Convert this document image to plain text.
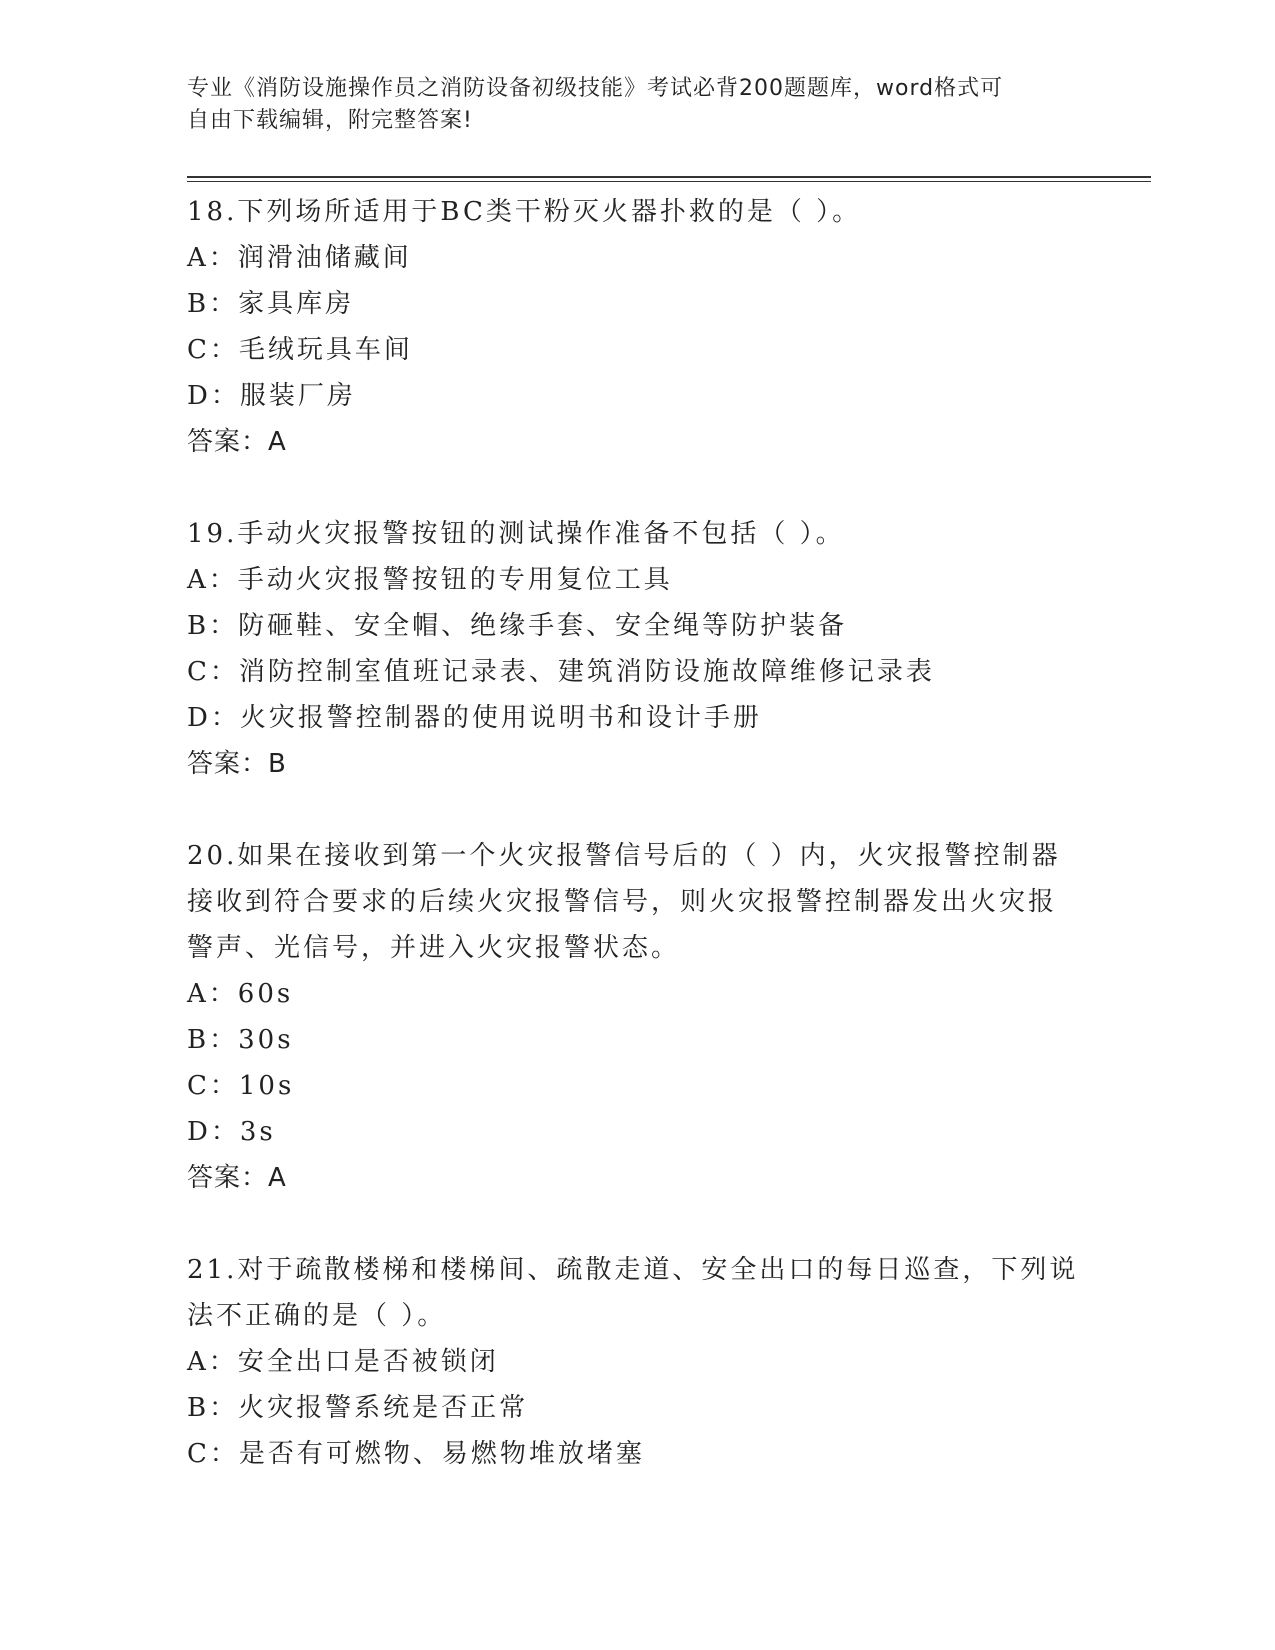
专业《消防设施操作员之消防设备初级技能》考试必背200题题库，word格式可
自由下载编辑，附完整答案!
18.下列场所适用于BC类干粉灭火器扑救的是（ ）。
A：润滑油储藏间
B：家具库房
C：毛绒玩具车间
D：服装厂房
答案：A
19.手动火灾报警按钮的测试操作准备不包括（ ）。
A：手动火灾报警按钮的专用复位工具
B：防砸鞋、安全帽、绝缘手套、安全绳等防护装备
C：消防控制室值班记录表、建筑消防设施故障维修记录表
D：火灾报警控制器的使用说明书和设计手册
答案：B
20.如果在接收到第一个火灾报警信号后的（ ）内，火灾报警控制器
接收到符合要求的后续火灾报警信号，则火灾报警控制器发出火灾报
警声、光信号，并进入火灾报警状态。
A：60s
B：30s
C：10s
D：3s
答案：A
21.对于疏散楼梯和楼梯间、疏散走道、安全出口的每日巡查，下列说
法不正确的是（ ）。
A：安全出口是否被锁闭
B：火灾报警系统是否正常
C：是否有可燃物、易燃物堆放堵塞
